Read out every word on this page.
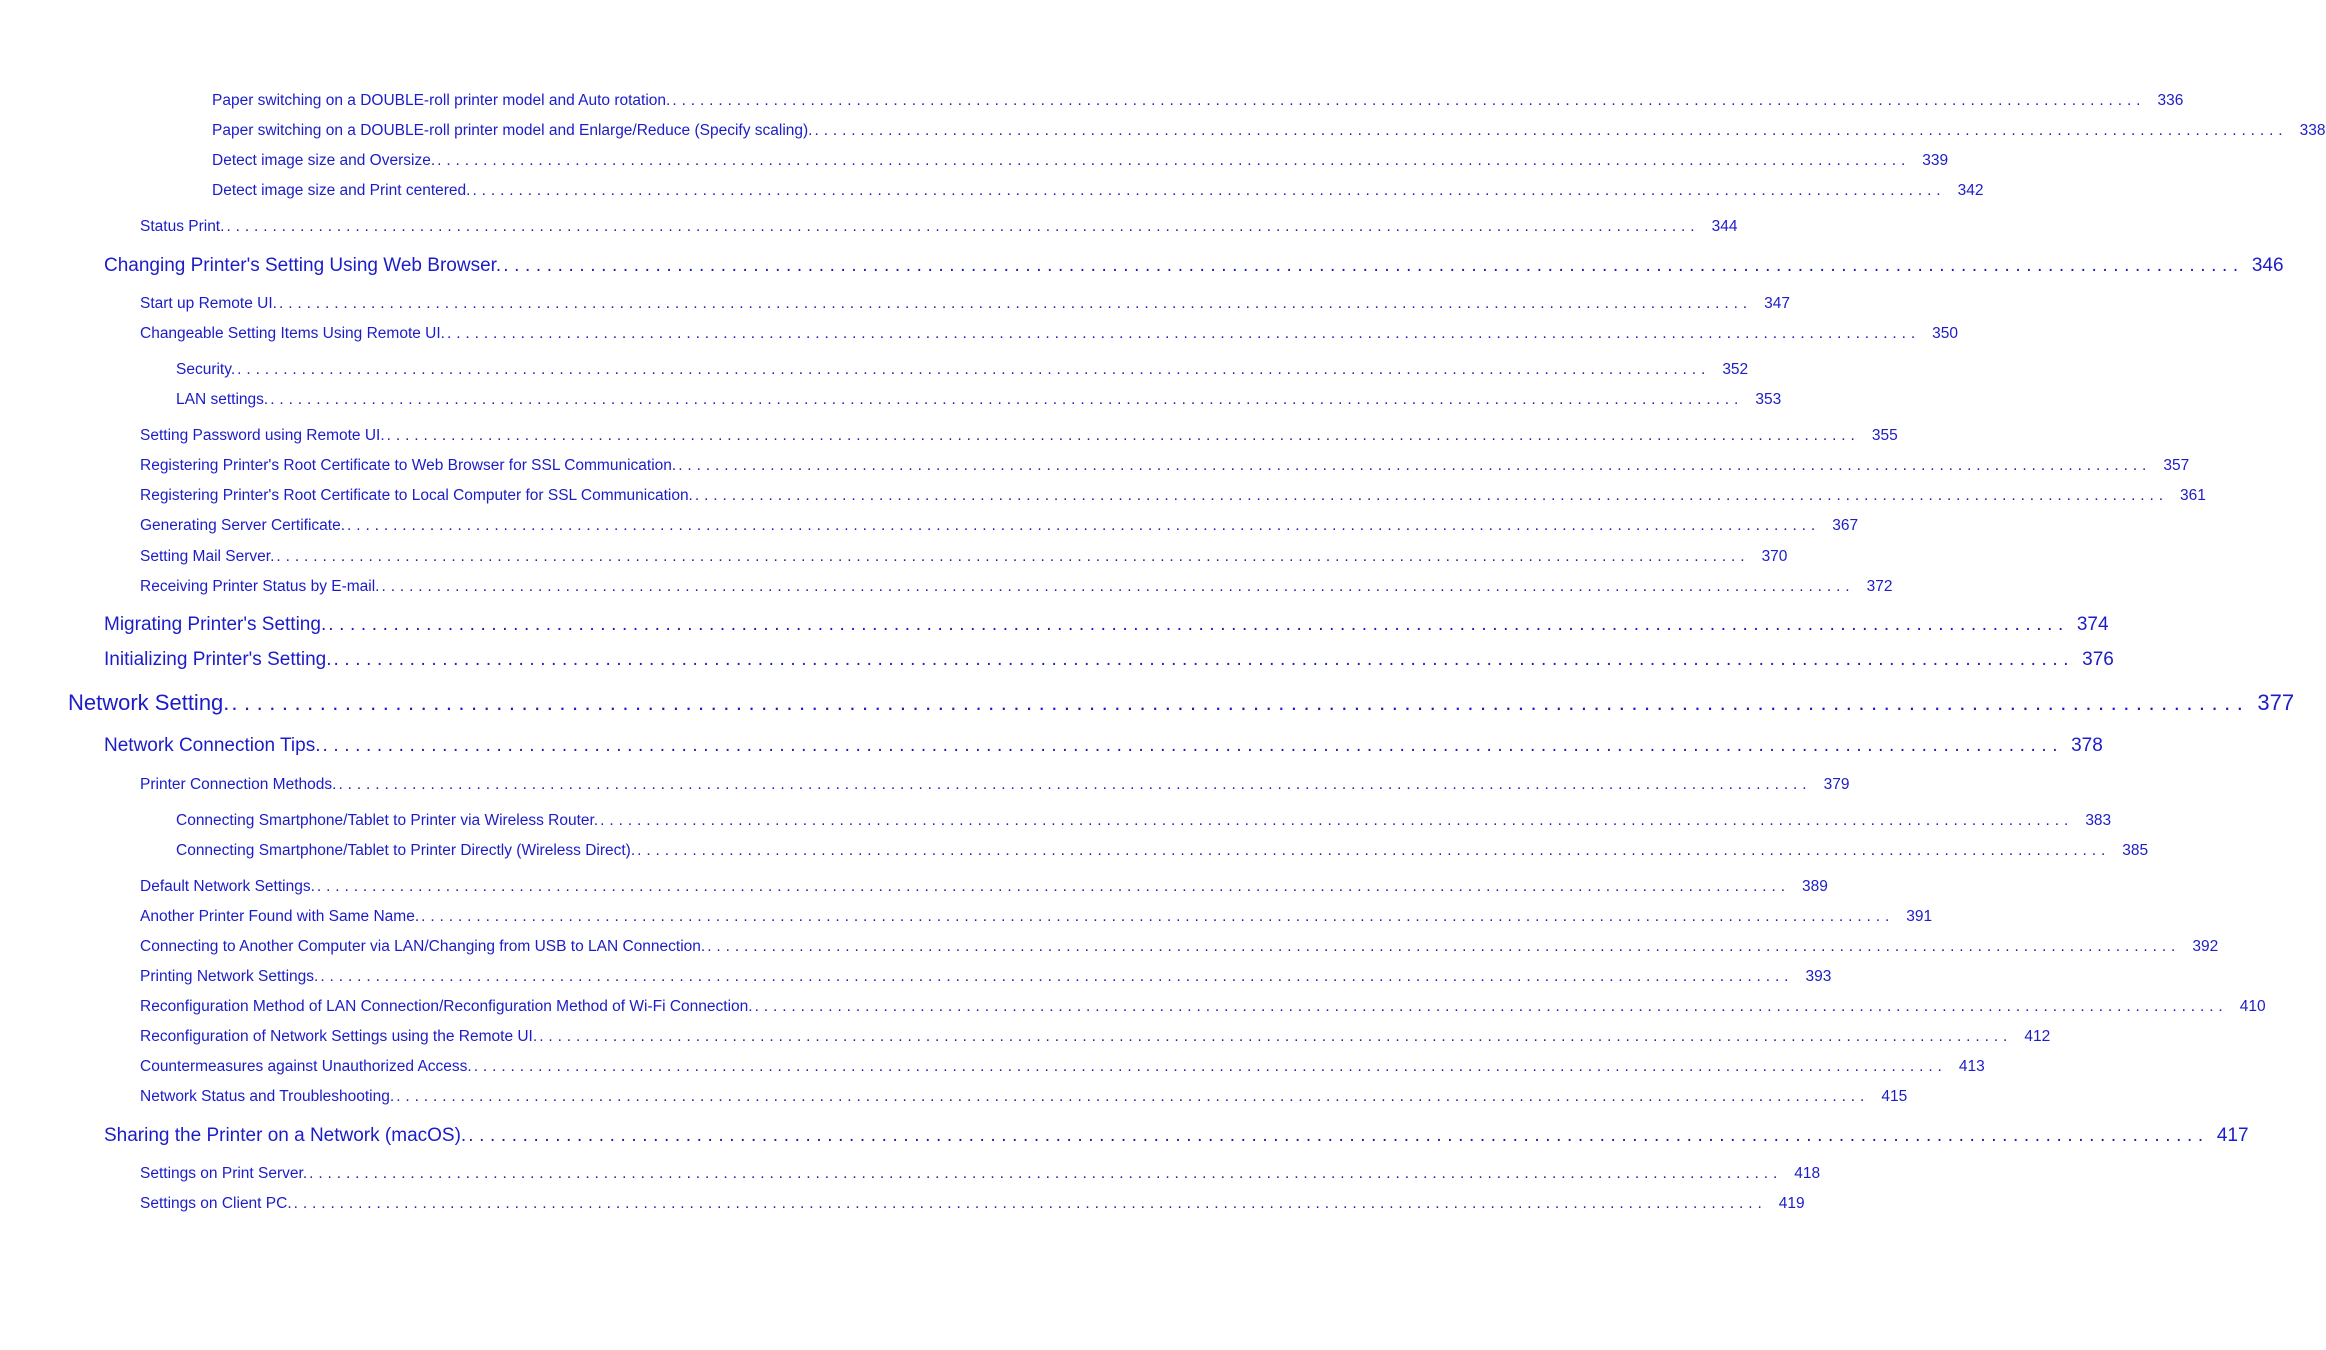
Paper switching on a DOUBLE-roll printer model and Auto rotation. ................................................................................................................................................................ 336
Paper switching on a DOUBLE-roll printer model and Enlarge/Reduce (Specify scaling). ................................................................................................................................................................ 338
Detect image size and Oversize. ................................................................................................................................................................ 339
Detect image size and Print centered. ................................................................................................................................................................ 342
Status Print. ................................................................................................................................................................ 344
Changing Printer's Setting Using Web Browser. ................................................................................................................................................................ 346
Start up Remote UI. ................................................................................................................................................................ 347
Changeable Setting Items Using Remote UI. ................................................................................................................................................................ 350
Security. ................................................................................................................................................................ 352
LAN settings. ................................................................................................................................................................ 353
Setting Password using Remote UI. ................................................................................................................................................................ 355
Registering Printer's Root Certificate to Web Browser for SSL Communication. ................................................................................................................................................................ 357
Registering Printer's Root Certificate to Local Computer for SSL Communication. ................................................................................................................................................................ 361
Generating Server Certificate. ................................................................................................................................................................ 367
Setting Mail Server. ................................................................................................................................................................ 370
Receiving Printer Status by E-mail. ................................................................................................................................................................ 372
Migrating Printer's Setting. ................................................................................................................................................................ 374
Initializing Printer's Setting. ................................................................................................................................................................ 376
Network Setting. ................................................................................................................................................................ 377
Network Connection Tips. ................................................................................................................................................................ 378
Printer Connection Methods. ................................................................................................................................................................ 379
Connecting Smartphone/Tablet to Printer via Wireless Router. ................................................................................................................................................................ 383
Connecting Smartphone/Tablet to Printer Directly (Wireless Direct). ................................................................................................................................................................ 385
Default Network Settings. ................................................................................................................................................................ 389
Another Printer Found with Same Name. ................................................................................................................................................................ 391
Connecting to Another Computer via LAN/Changing from USB to LAN Connection. ................................................................................................................................................................ 392
Printing Network Settings. ................................................................................................................................................................ 393
Reconfiguration Method of LAN Connection/Reconfiguration Method of Wi-Fi Connection. ................................................................................................................................................................ 410
Reconfiguration of Network Settings using the Remote UI. ................................................................................................................................................................ 412
Countermeasures against Unauthorized Access. ................................................................................................................................................................ 413
Network Status and Troubleshooting. ................................................................................................................................................................ 415
Sharing the Printer on a Network (macOS). ................................................................................................................................................................ 417
Settings on Print Server. ................................................................................................................................................................ 418
Settings on Client PC. ................................................................................................................................................................ 419
